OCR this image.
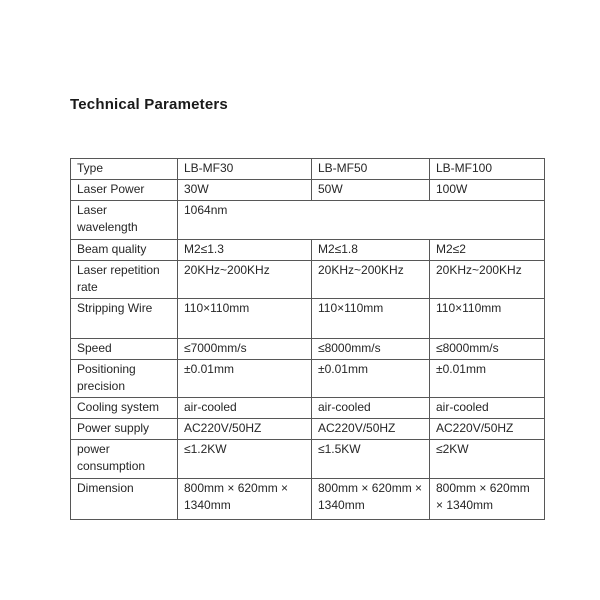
Technical Parameters
Type	LB-MF30	LB-MF50	LB-MF100
Laser Power	30W	50W	100W
Laser wavelength	1064nm		
Beam quality	M2≤1.3	M2≤1.8	M2≤2
Laser repetition rate	20KHz~200KHz	20KHz~200KHz	20KHz~200KHz
Stripping Wire	110×110mm	110×110mm	110×110mm
Speed	≤7000mm/s	≤8000mm/s	≤8000mm/s
Positioning precision	±0.01mm	±0.01mm	±0.01mm
Cooling system	air-cooled	air-cooled	air-cooled
Power supply	AC220V/50HZ	AC220V/50HZ	AC220V/50HZ
power consumption	≤1.2KW	≤1.5KW	≤2KW
Dimension	800mm × 620mm × 1340mm	800mm × 620mm × 1340mm	800mm × 620mm × 1340mm
